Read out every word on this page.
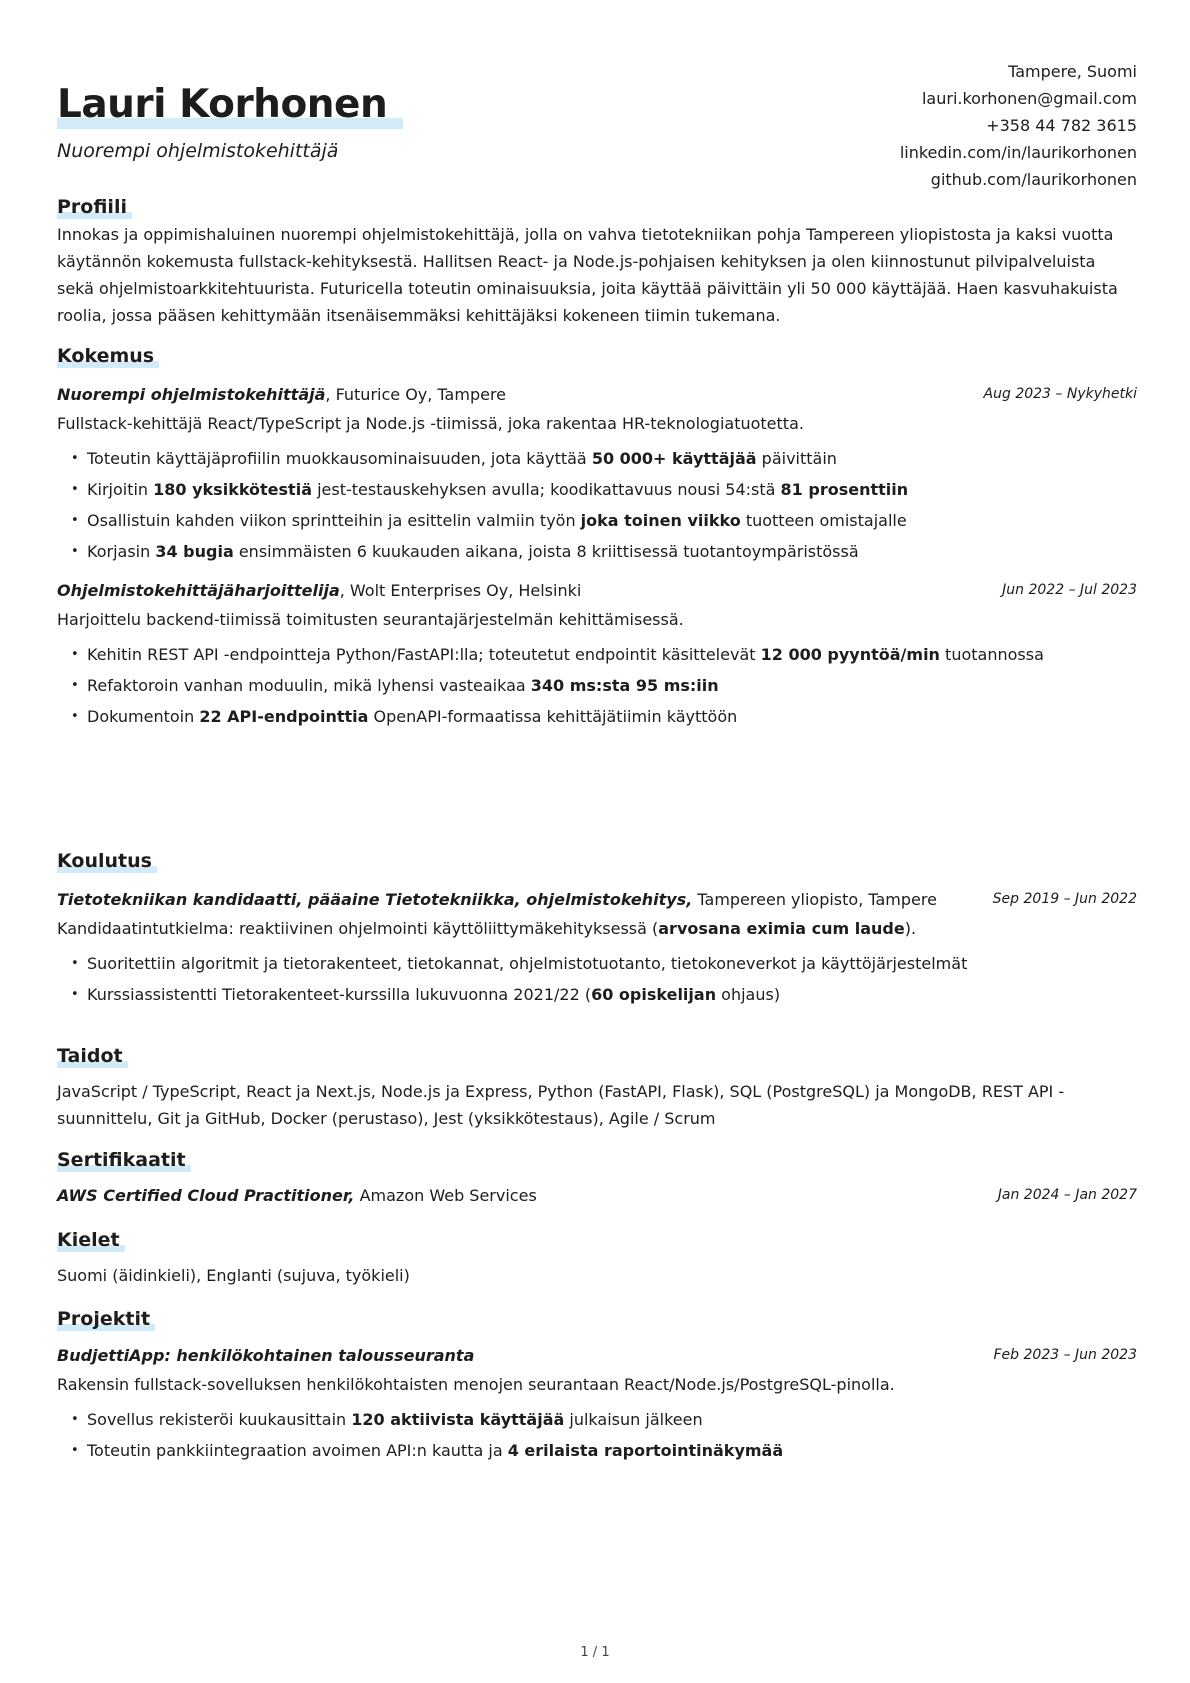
Lauri Korhonen
Nuorempi ohjelmistokehittäjä
Tampere, Suomi
lauri.korhonen@gmail.com
+358 44 782 3615
linkedin.com/in/laurikorhonen
github.com/laurikorhonen
Profiili
Innokas ja oppimishaluinen nuorempi ohjelmistokehittäjä, jolla on vahva tietotekniikan pohja Tampereen yliopistosta ja kaksi vuotta käytännön kokemusta fullstack-kehityksestä. Hallitsen React- ja Node.js-pohjaisen kehityksen ja olen kiinnostunut pilvipalveluista sekä ohjelmistoarkkitehtuurista. Futuricella toteutin ominaisuuksia, joita käyttää päivittäin yli 50 000 käyttäjää. Haen kasvuhakuista roolia, jossa pääsen kehittymään itsenäisemmäksi kehittäjäksi kokeneen tiimin tukemana.
Kokemus
Nuorempi ohjelmistokehittäjä, Futurice Oy, Tampere	Aug 2023 – Nykyhetki
Fullstack-kehittäjä React/TypeScript ja Node.js -tiimissä, joka rakentaa HR-teknologiatuotetta.
• Toteutin käyttäjäprofiilin muokkausominaisuuden, jota käyttää 50 000+ käyttäjää päivittäin
• Kirjoitin 180 yksikkötestiä jest-testauskehyksen avulla; koodikattavuus nousi 54:stä 81 prosenttiin
• Osallistuin kahden viikon sprintteihin ja esittelin valmiin työn joka toinen viikko tuotteen omistajalle
• Korjasin 34 bugia ensimmäisten 6 kuukauden aikana, joista 8 kriittisessä tuotantoympäristössä
Ohjelmistokehittäjäharjoittelija, Wolt Enterprises Oy, Helsinki	Jun 2022 – Jul 2023
Harjoittelu backend-tiimissä toimitusten seurantajärjestelmän kehittämisessä.
• Kehitin REST API -endpointteja Python/FastAPI:lla; toteutetut endpointit käsittelevät 12 000 pyyntöä/min tuotannossa
• Refaktoroin vanhan moduulin, mikä lyhensi vasteaikaa 340 ms:sta 95 ms:iin
• Dokumentoin 22 API-endpointtia OpenAPI-formaatissa kehittäjätiimin käyttöön
Koulutus
Tietotekniikan kandidaatti, pääaine Tietotekniikka, ohjelmistokehitys, Tampereen yliopisto, Tampere	Sep 2019 – Jun 2022
Kandidaatintutkielma: reaktiivinen ohjelmointi käyttöliittymäkehityksessä (arvosana eximia cum laude).
• Suoritettiin algoritmit ja tietorakenteet, tietokannat, ohjelmistotuotanto, tietokoneverkot ja käyttöjärjestelmät
• Kurssiassistentti Tietorakenteet-kurssilla lukuvuonna 2021/22 (60 opiskelijan ohjaus)
Taidot
JavaScript / TypeScript, React ja Next.js, Node.js ja Express, Python (FastAPI, Flask), SQL (PostgreSQL) ja MongoDB, REST API -suunnittelu, Git ja GitHub, Docker (perustaso), Jest (yksikkötestaus), Agile / Scrum
Sertifikaatit
AWS Certified Cloud Practitioner, Amazon Web Services	Jan 2024 – Jan 2027
Kielet
Suomi (äidinkieli), Englanti (sujuva, työkieli)
Projektit
BudjettiApp: henkilökohtainen talousseuranta	Feb 2023 – Jun 2023
Rakensin fullstack-sovelluksen henkilökohtaisten menojen seurantaan React/Node.js/PostgreSQL-pinolla.
• Sovellus rekisteröi kuukausittain 120 aktiivista käyttäjää julkaisun jälkeen
• Toteutin pankkiintegraation avoimen API:n kautta ja 4 erilaista raportointinäkymää
1 / 1
